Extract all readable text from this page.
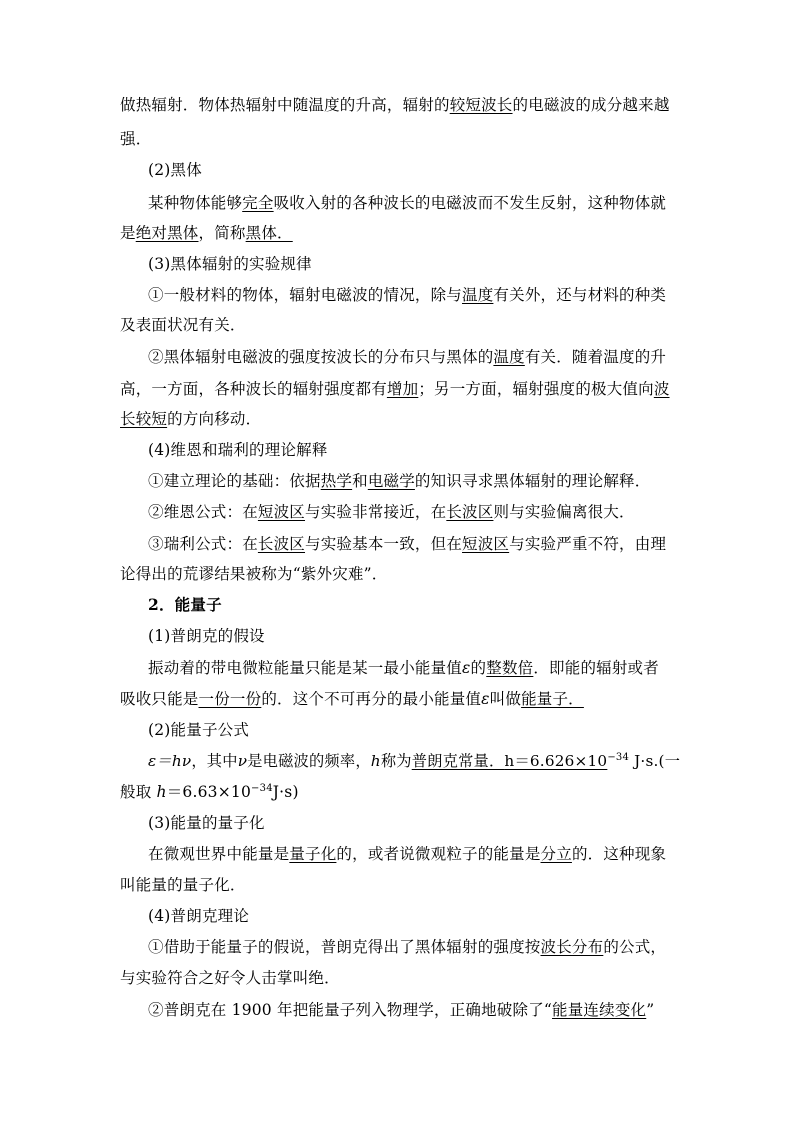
做热辐射．物体热辐射中随温度的升高，辐射的较短波长的电磁波的成分越来越
强．
(2)黑体
某种物体能够完全吸收入射的各种波长的电磁波而不发生反射，这种物体就
是绝对黑体，简称黑体．
(3)黑体辐射的实验规律
①一般材料的物体，辐射电磁波的情况，除与温度有关外，还与材料的种类
及表面状况有关．
②黑体辐射电磁波的强度按波长的分布只与黑体的温度有关．随着温度的升
高，一方面，各种波长的辐射强度都有增加；另一方面，辐射强度的极大值向波
长较短的方向移动．
(4)维恩和瑞利的理论解释
①建立理论的基础：依据热学和电磁学的知识寻求黑体辐射的理论解释．
②维恩公式：在短波区与实验非常接近，在长波区则与实验偏离很大．
③瑞利公式：在长波区与实验基本一致，但在短波区与实验严重不符，由理
论得出的荒谬结果被称为“紫外灾难”．
2．能量子
(1)普朗克的假设
振动着的带电微粒能量只能是某一最小能量值ε的整数倍．即能的辐射或者
吸收只能是一份一份的．这个不可再分的最小能量值ε叫做能量子．
(2)能量子公式
ε＝hν，其中ν是电磁波的频率，h称为普朗克常量．$h=6.626\times 10^{-34}$ J·s.(一
般取 $h=6.63\times 10^{-34}J\cdot s$)
(3)能量的量子化
在微观世界中能量是量子化的，或者说微观粒子的能量是分立的．这种现象
叫能量的量子化．
(4)普朗克理论
①借助于能量子的假说，普朗克得出了黑体辐射的强度按波长分布的公式，
与实验符合之好令人击掌叫绝．
②普朗克在 1900 年把能量子列入物理学，正确地破除了“能量连续变化”
